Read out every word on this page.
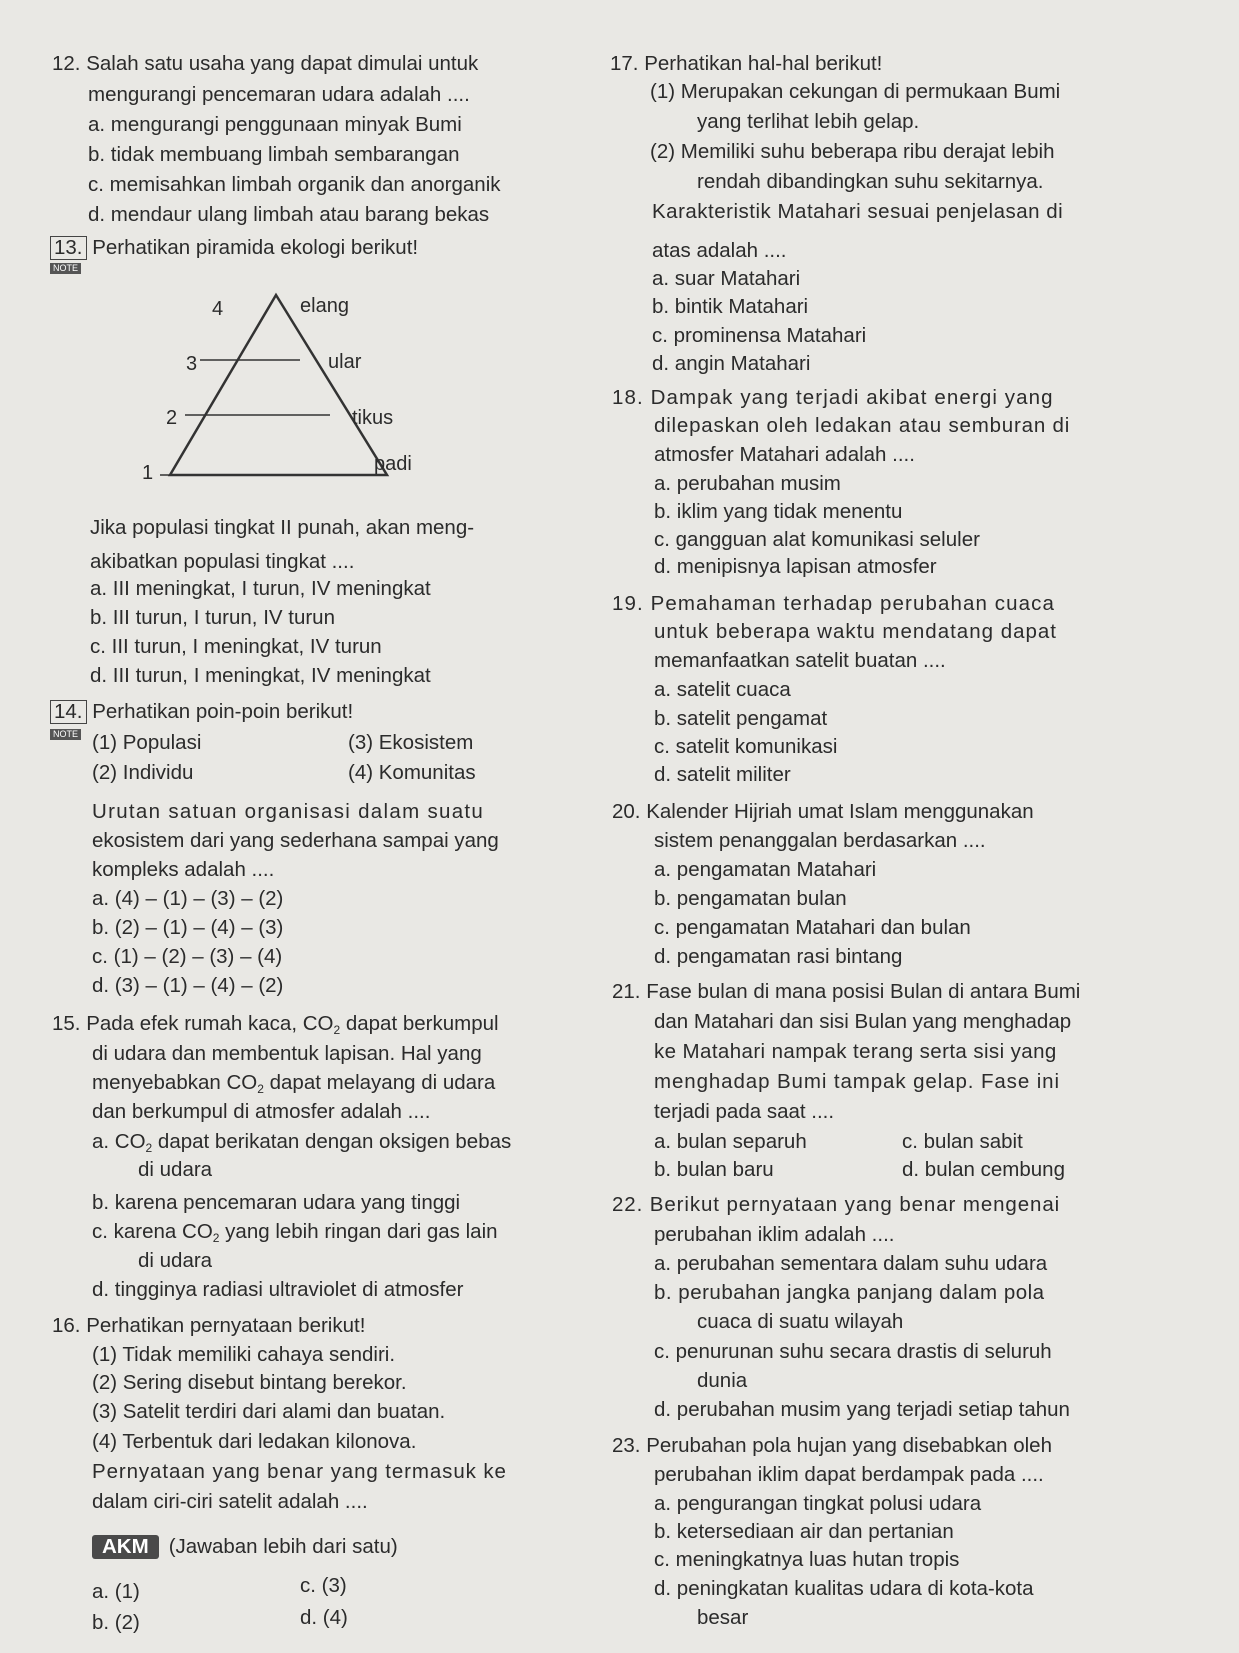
12. Salah satu usaha yang dapat dimulai untuk
mengurangi pencemaran udara adalah ....
a. mengurangi penggunaan minyak Bumi
b. tidak membuang limbah sembarangan
c. memisahkan limbah organik dan anorganik
d. mendaur ulang limbah atau barang bekas
13. Perhatikan piramida ekologi berikut!
NOTE
4	elang
3	ular
2	tikus
1	padi
Jika populasi tingkat II punah, akan meng-
akibatkan populasi tingkat ....
a. III meningkat, I turun, IV meningkat
b. III turun, I turun, IV turun
c. III turun, I meningkat, IV turun
d. III turun, I meningkat, IV meningkat
14. Perhatikan poin-poin berikut!
NOTE (1) Populasi	(3) Ekosistem
(2) Individu	(4) Komunitas
Urutan satuan organisasi dalam suatu
ekosistem dari yang sederhana sampai yang
kompleks adalah ....
a. (4) – (1) – (3) – (2)
b. (2) – (1) – (4) – (3)
c. (1) – (2) – (3) – (4)
d. (3) – (1) – (4) – (2)
15. Pada efek rumah kaca, $CO_2$ dapat berkumpul
di udara dan membentuk lapisan. Hal yang
menyebabkan $CO_2$ dapat melayang di udara
dan berkumpul di atmosfer adalah ....
a. $CO_2$ dapat berikatan dengan oksigen bebas
di udara
b. karena pencemaran udara yang tinggi
c. karena $CO_2$ yang lebih ringan dari gas lain
di udara
d. tingginya radiasi ultraviolet di atmosfer
16. Perhatikan pernyataan berikut!
(1) Tidak memiliki cahaya sendiri.
(2) Sering disebut bintang berekor.
(3) Satelit terdiri dari alami dan buatan.
(4) Terbentuk dari ledakan kilonova.
Pernyataan yang benar yang termasuk ke
dalam ciri-ciri satelit adalah ....
AKM (Jawaban lebih dari satu)
a. (1)	c. (3)
b. (2)	d. (4)
17. Perhatikan hal-hal berikut!
(1) Merupakan cekungan di permukaan Bumi
yang terlihat lebih gelap.
(2) Memiliki suhu beberapa ribu derajat lebih
rendah dibandingkan suhu sekitarnya.
Karakteristik Matahari sesuai penjelasan di
atas adalah ....
a. suar Matahari
b. bintik Matahari
c. prominensa Matahari
d. angin Matahari
18. Dampak yang terjadi akibat energi yang
dilepaskan oleh ledakan atau semburan di
atmosfer Matahari adalah ....
a. perubahan musim
b. iklim yang tidak menentu
c. gangguan alat komunikasi seluler
d. menipisnya lapisan atmosfer
19. Pemahaman terhadap perubahan cuaca
untuk beberapa waktu mendatang dapat
memanfaatkan satelit buatan ....
a. satelit cuaca
b. satelit pengamat
c. satelit komunikasi
d. satelit militer
20. Kalender Hijriah umat Islam menggunakan
sistem penanggalan berdasarkan ....
a. pengamatan Matahari
b. pengamatan bulan
c. pengamatan Matahari dan bulan
d. pengamatan rasi bintang
21. Fase bulan di mana posisi Bulan di antara Bumi
dan Matahari dan sisi Bulan yang menghadap
ke Matahari nampak terang serta sisi yang
menghadap Bumi tampak gelap. Fase ini
terjadi pada saat ....
a. bulan separuh	c. bulan sabit
b. bulan baru	d. bulan cembung
22. Berikut pernyataan yang benar mengenai
perubahan iklim adalah ....
a. perubahan sementara dalam suhu udara
b. perubahan jangka panjang dalam pola
cuaca di suatu wilayah
c. penurunan suhu secara drastis di seluruh
dunia
d. perubahan musim yang terjadi setiap tahun
23. Perubahan pola hujan yang disebabkan oleh
perubahan iklim dapat berdampak pada ....
a. pengurangan tingkat polusi udara
b. ketersediaan air dan pertanian
c. meningkatnya luas hutan tropis
d. peningkatan kualitas udara di kota-kota
besar
